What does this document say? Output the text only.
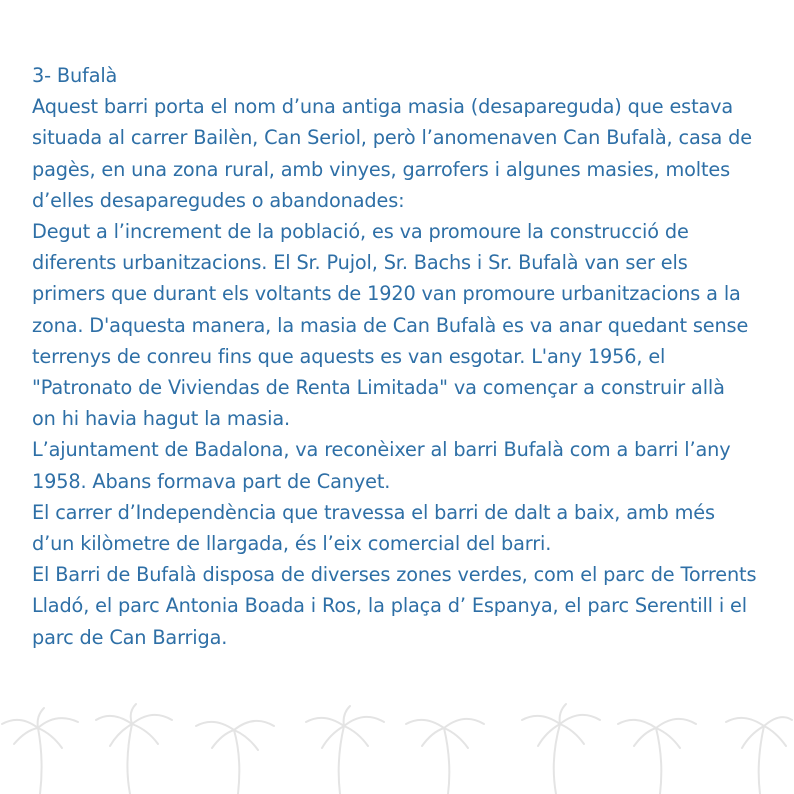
3- Bufalà
Aquest barri porta el nom d’una antiga masia (desapareguda) que estava
situada al carrer Bailèn, Can Seriol, però l’anomenaven Can Bufalà, casa de
pagès, en una zona rural, amb vinyes, garrofers i algunes masies, moltes
d’elles desaparegudes o abandonades:
Degut a l’increment de la població, es va promoure la construcció de
diferents urbanitzacions. El Sr. Pujol, Sr. Bachs i Sr. Bufalà van ser els
primers que durant els voltants de 1920 van promoure urbanitzacions a la
zona. D'aquesta manera, la masia de Can Bufalà es va anar quedant sense
terrenys de conreu fins que aquests es van esgotar. L'any 1956, el
"Patronato de Viviendas de Renta Limitada" va començar a construir allà
on hi havia hagut la masia.
L’ajuntament de Badalona, va reconèixer al barri Bufalà com a barri l’any
1958. Abans formava part de Canyet.
El carrer d’Independència que travessa el barri de dalt a baix, amb més
d’un kilòmetre de llargada, és l’eix comercial del barri.
El Barri de Bufalà disposa de diverses zones verdes, com el parc de Torrents
Lladó, el parc Antonia Boada i Ros, la plaça d’ Espanya, el parc Serentill i el
parc de Can Barriga.
